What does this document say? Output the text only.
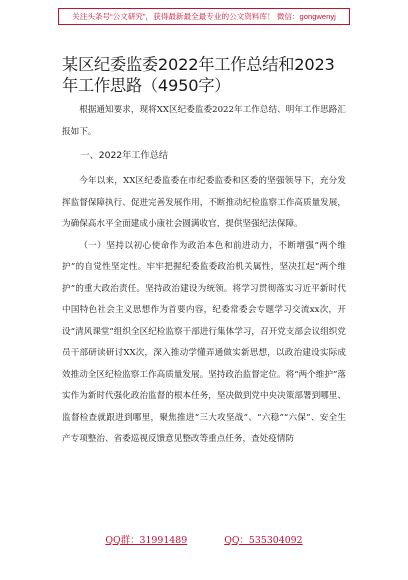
关注头条号“公文研究”，获得最新最全最专业的公文资料库！ 微信：gongwenyj
某区纪委监委2022年工作总结和2023年工作思路（4950字）

根据通知要求，现将XX区纪委监委2022年工作总结、明年工作思路汇报如下。

一、2022年工作总结

今年以来，XX区纪委监委在市纪委监委和区委的坚强领导下，充分发挥监督保障执行、促进完善发展作用，不断推动纪检监察工作高质量发展，为确保高水平全面建成小康社会圆满收官，提供坚强纪法保障。

（一）坚持以初心使命作为政治本色和前进动力，不断增强“两个维护”的自觉性坚定性。牢牢把握纪委监委政治机关属性，坚决扛起“两个维护”的重大政治责任。坚持政治建设为统领。将学习贯彻落实习近平新时代中国特色社会主义思想作为首要内容，纪委常委会专题学习交流xx次，开设“清风课堂”组织全区纪检监察干部进行集体学习，召开党支部会议组织党员干部研读研讨XX次，深入推动学懂弄通做实新思想，以政治建设实际成效推动全区纪检监察工作高质量发展。坚持政治监督定位。将“两个维护”落实作为新时代强化政治监督的根本任务，坚决做到党中央决策部署到哪里、监督检查就跟进到哪里，聚焦推进“三大攻坚战”、“六稳”“六保”、安全生产专项整治、省委巡视反馈意见整改等重点任务，查处疫情防

QQ群：31991489	QQ：535304092
